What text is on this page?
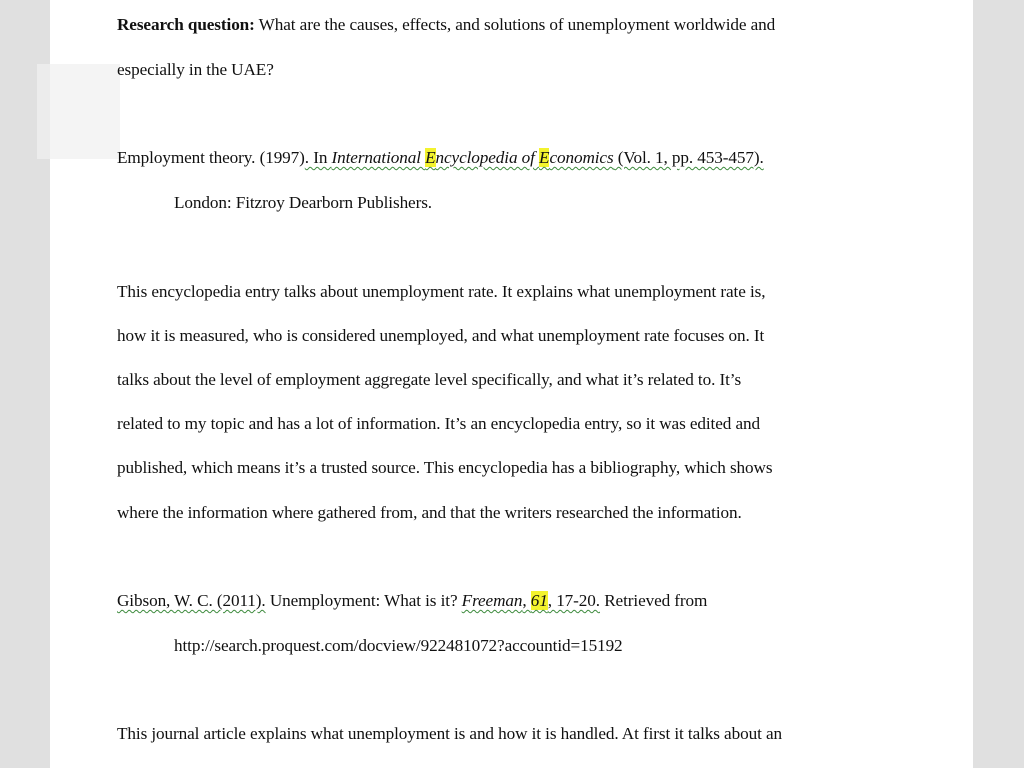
Research question: What are the causes, effects, and solutions of unemployment worldwide and
especially in the UAE?
Employment theory. (1997). In International Encyclopedia of Economics (Vol. 1, pp. 453-457).
London: Fitzroy Dearborn Publishers.
This encyclopedia entry talks about unemployment rate. It explains what unemployment rate is,
how it is measured, who is considered unemployed, and what unemployment rate focuses on. It
talks about the level of employment aggregate level specifically, and what it’s related to. It’s
related to my topic and has a lot of information. It’s an encyclopedia entry, so it was edited and
published, which means it’s a trusted source. This encyclopedia has a bibliography, which shows
where the information where gathered from, and that the writers researched the information.
Gibson, W. C. (2011). Unemployment: What is it? Freeman, 61, 17-20. Retrieved from
http://search.proquest.com/docview/922481072?accountid=15192
This journal article explains what unemployment is and how it is handled. At first it talks about an
